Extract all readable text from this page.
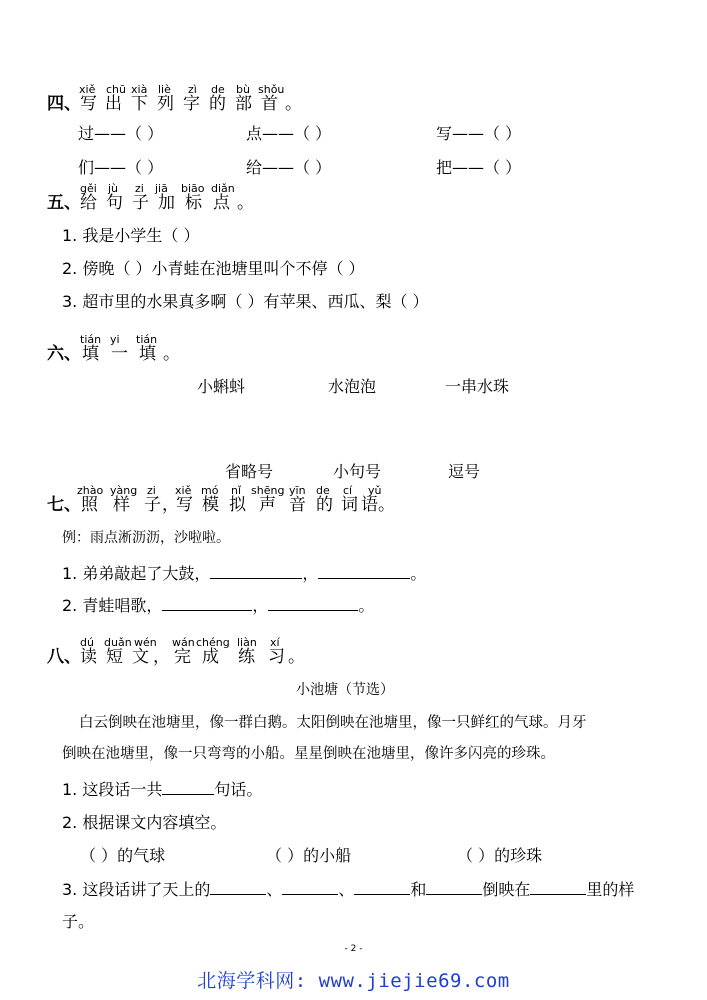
xiě chū xià liè zì de bù shǒu
四、 写 出 下 列 字 的 部 首 。
过——（ ）	点——（ ）	写——（ ）
们——（ ）	给——（ ）	把——（ ）
gěi jù zi jiā biāo diǎn
五、 给 句 子 加 标 点 。
1. 我是小学生（ ）
2. 傍晚（ ）小青蛙在池塘里叫个不停（ ）
3. 超市里的水果真多啊（ ）有苹果、西瓜、梨（ ）
tián yi tián
六、 填 一 填 。
小蝌蚪	水泡泡	一串水珠
省略号	小句号	逗号
zhào yàng zi xiě mó nǐ shēng yīn de cí yǔ
七、 照 样 子 ，
写 模 拟 声 音 的 词 语 。
例：雨点淅沥沥，沙啦啦。
1. 弟弟敲起了大鼓，	，	。
2. 青蛙唱歌，	，	。
dú duǎn wén wán chéng liàn xí
八、 读 短 文 ， 完 成 练 习 。
小池塘（节选）
白云倒映在池塘里，像一群白鹅。太阳倒映在池塘里，像一只鲜红的气球。月牙
倒映在池塘里，像一只弯弯的小船。星星倒映在池塘里，像许多闪亮的珍珠。
1. 这段话一共	句话。
2. 根据课文内容填空。
（ ）的气球	（ ）的小船	（ ）的珍珠
3. 这段话讲了天上的	、	、	和	倒映在	里的样
子。
- 2 -
北海学科网: www.jiejie69.com
